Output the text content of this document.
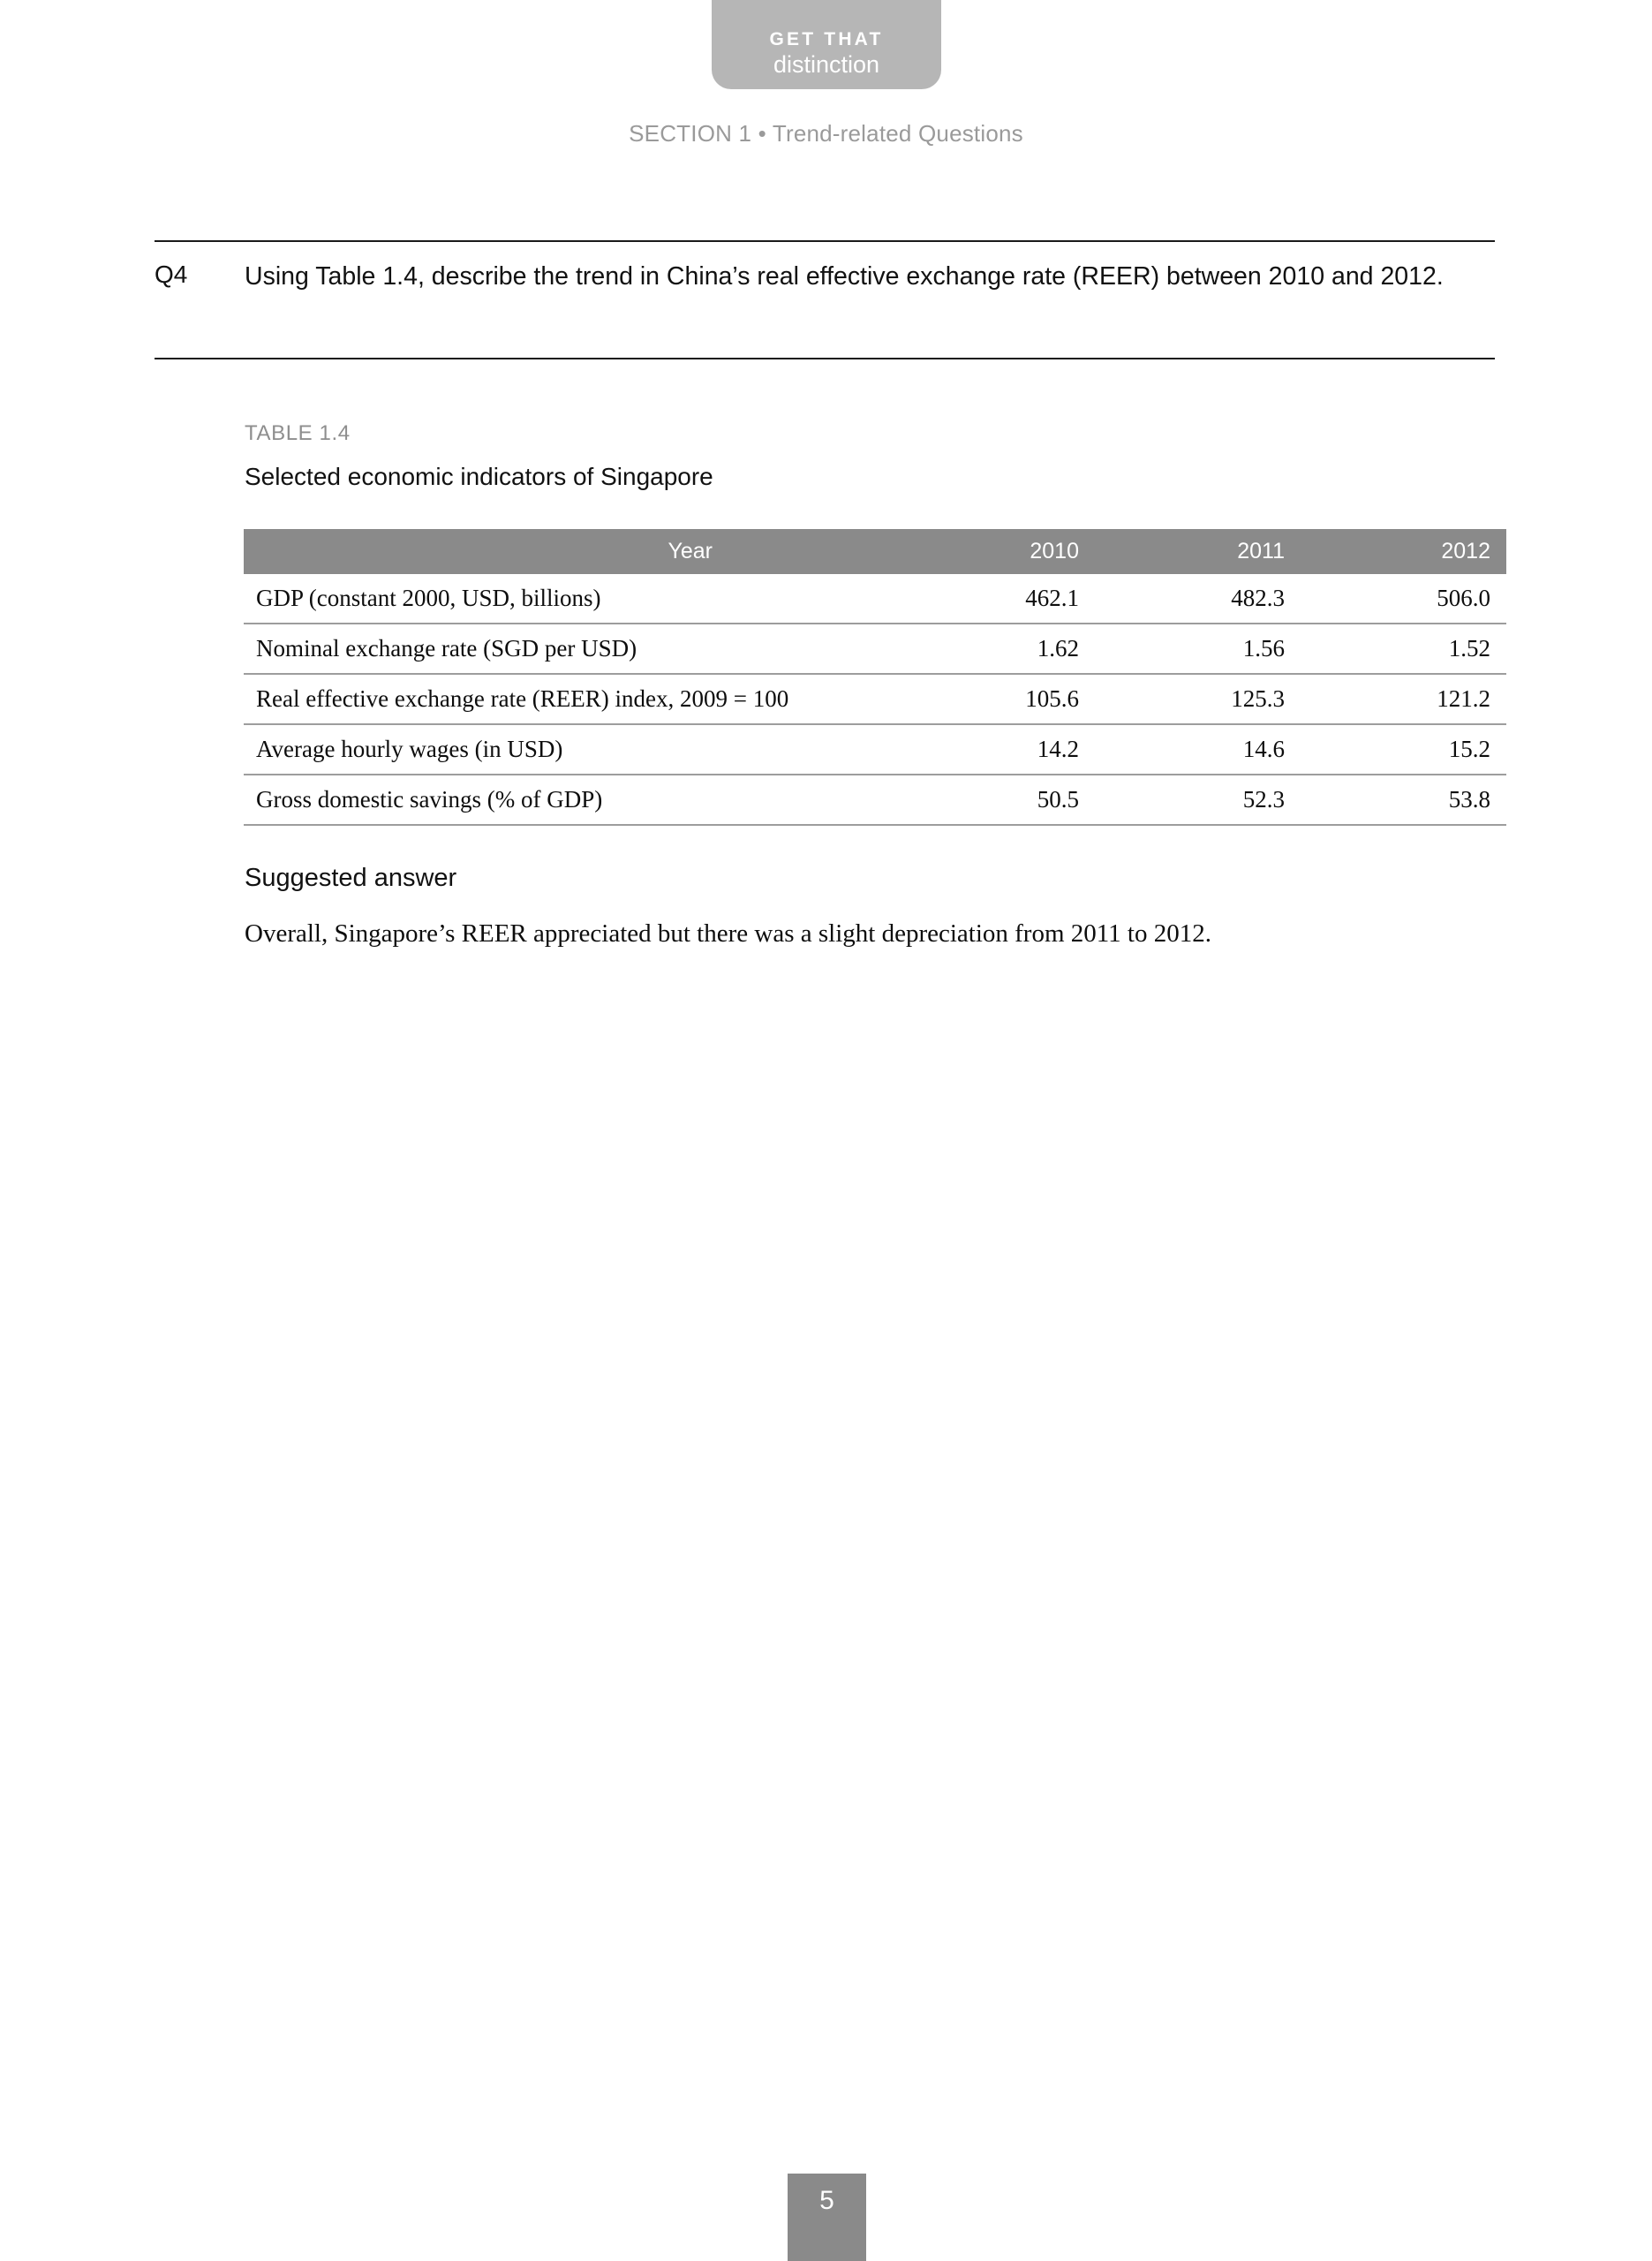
GET THAT
distinction
SECTION 1 • Trend-related Questions
Q4 Using Table 1.4, describe the trend in China’s real effective exchange rate (REER) between 2010 and 2012.
TABLE 1.4
Selected economic indicators of Singapore
Year	2010	2011	2012
GDP (constant 2000, USD, billions)	462.1	482.3	506.0
Nominal exchange rate (SGD per USD)	1.62	1.56	1.52
Real effective exchange rate (REER) index, 2009 = 100	105.6	125.3	121.2
Average hourly wages (in USD)	14.2	14.6	15.2
Gross domestic savings (% of GDP)	50.5	52.3	53.8
Suggested answer
Overall, Singapore’s REER appreciated but there was a slight depreciation from 2011 to 2012.
5
